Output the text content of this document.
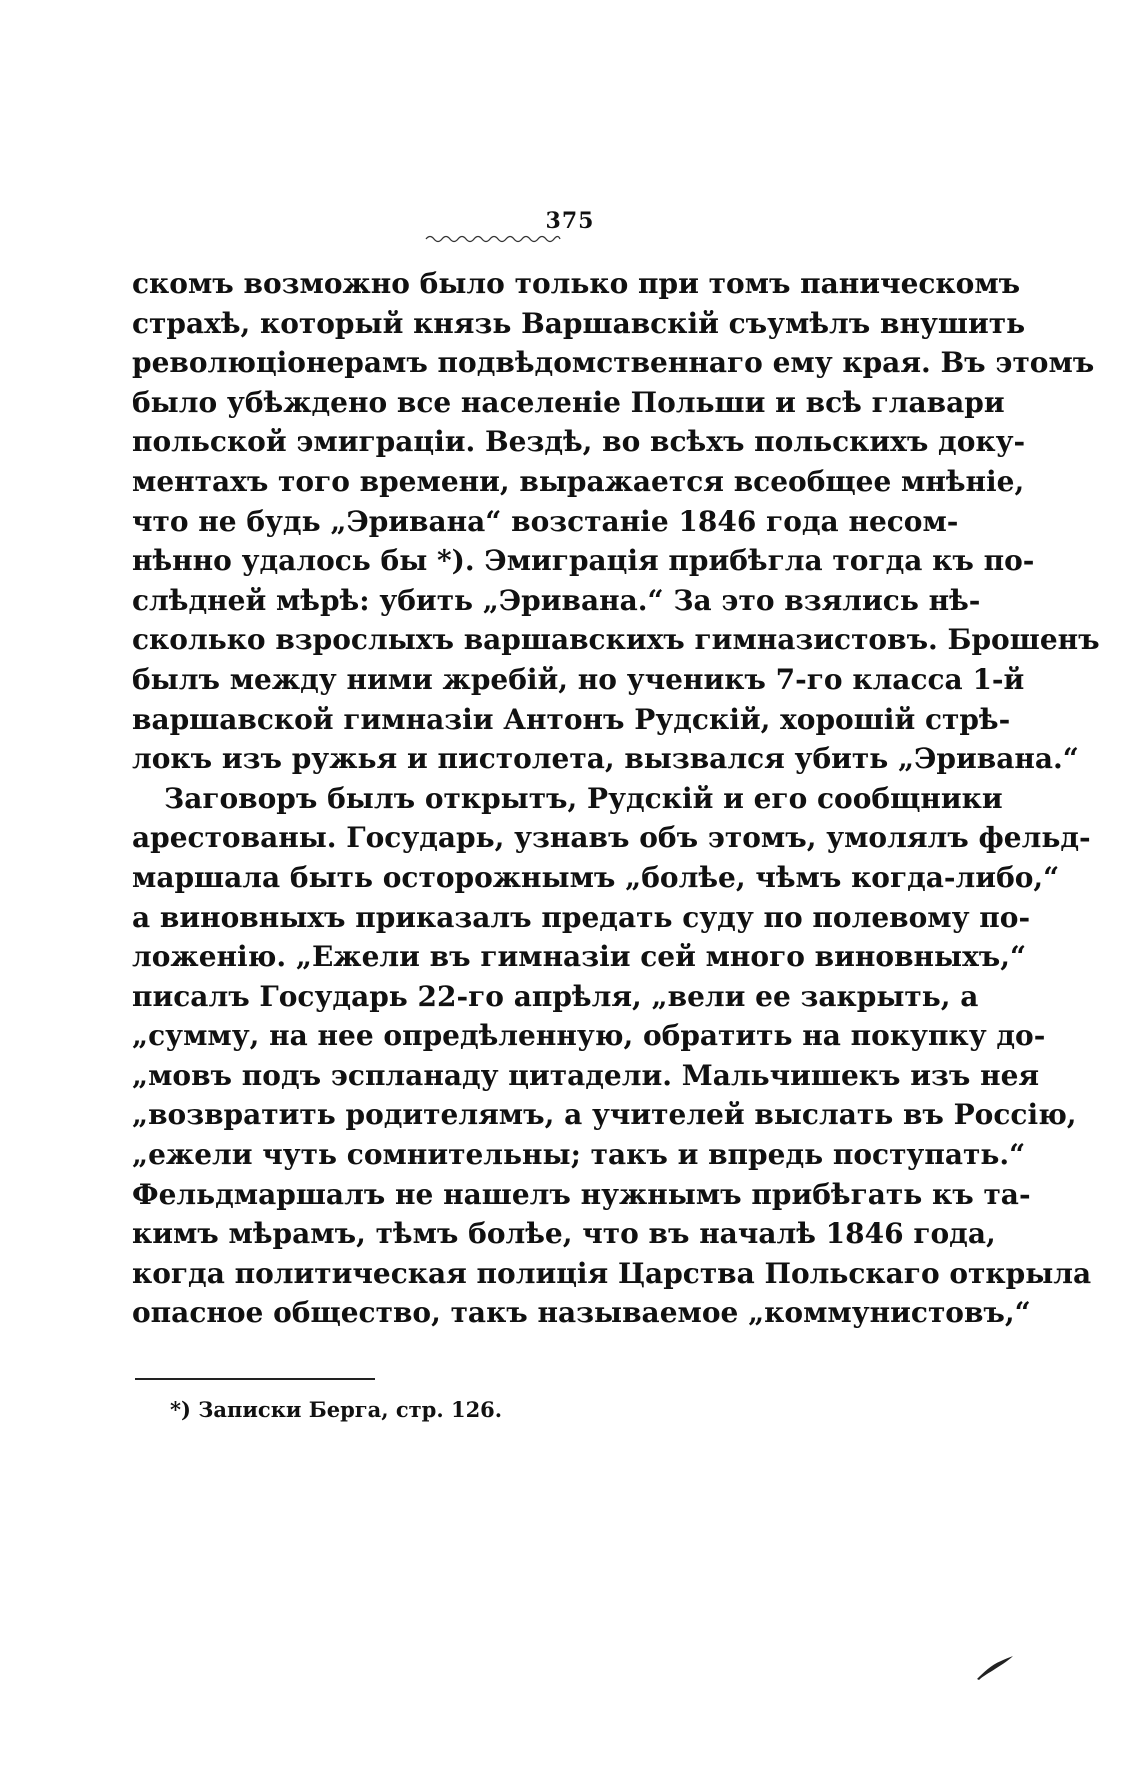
375
скомъ возможно было только при томъ паническомъ
страхѣ, который князь Варшавскій съумѣлъ внушить
революціонерамъ подвѣдомственнаго ему края. Въ этомъ
было убѣждено все населеніе Польши и всѣ главари
польской эмиграціи. Вездѣ, во всѣхъ польскихъ доку-
ментахъ того времени, выражается всеобщее мнѣніе,
что не будь „Эривана“ возстаніе 1846 года несом-
нѣнно удалось бы *). Эмиграція прибѣгла тогда къ по-
слѣдней мѣрѣ: убить „Эривана.“ За это взялись нѣ-
сколько взрослыхъ варшавскихъ гимназистовъ. Брошенъ
былъ между ними жребій, но ученикъ 7-го класса 1-й
варшавской гимназіи Антонъ Рудскій, хорошій стрѣ-
локъ изъ ружья и пистолета, вызвался убить „Эривана.“
Заговоръ былъ открытъ, Рудскій и его сообщники
арестованы. Государь, узнавъ объ этомъ, умолялъ фельд-
маршала быть осторожнымъ „болѣе, чѣмъ когда-либо,“
а виновныхъ приказалъ предать суду по полевому по-
ложенію. „Ежели въ гимназіи сей много виновныхъ,“
писалъ Государь 22-го апрѣля, „вели ее закрыть, а
„сумму, на нее опредѣленную, обратить на покупку до-
„мовъ подъ эспланаду цитадели. Мальчишекъ изъ нея
„возвратить родителямъ, а учителей выслать въ Россію,
„ежели чуть сомнительны; такъ и впредь поступать.“
Фельдмаршалъ не нашелъ нужнымъ прибѣгать къ та-
кимъ мѣрамъ, тѣмъ болѣе, что въ началѣ 1846 года,
когда политическая полиція Царства Польскаго открыла
опасное общество, такъ называемое „коммунистовъ,“
*) Записки Берга, стр. 126.
